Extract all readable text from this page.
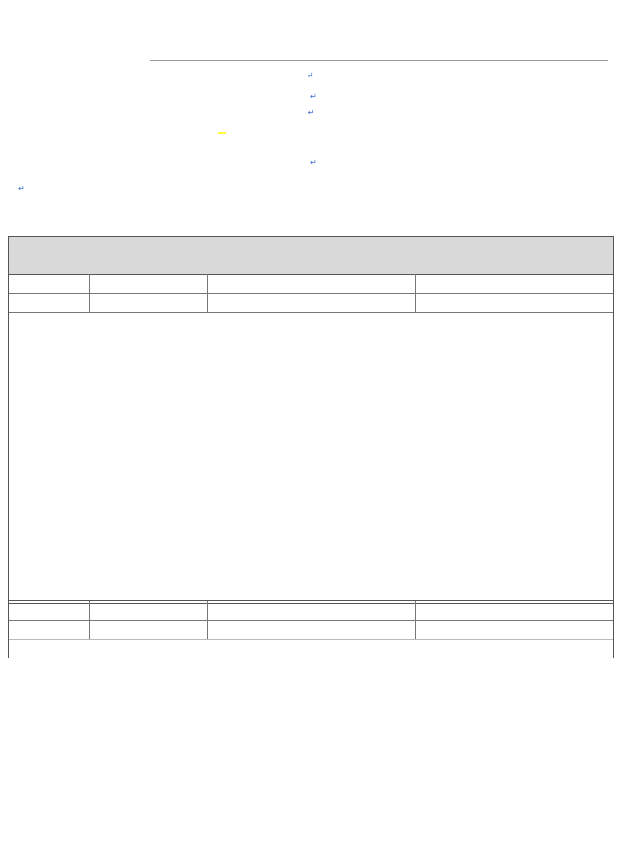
↵
↵
↵
↵
↵
